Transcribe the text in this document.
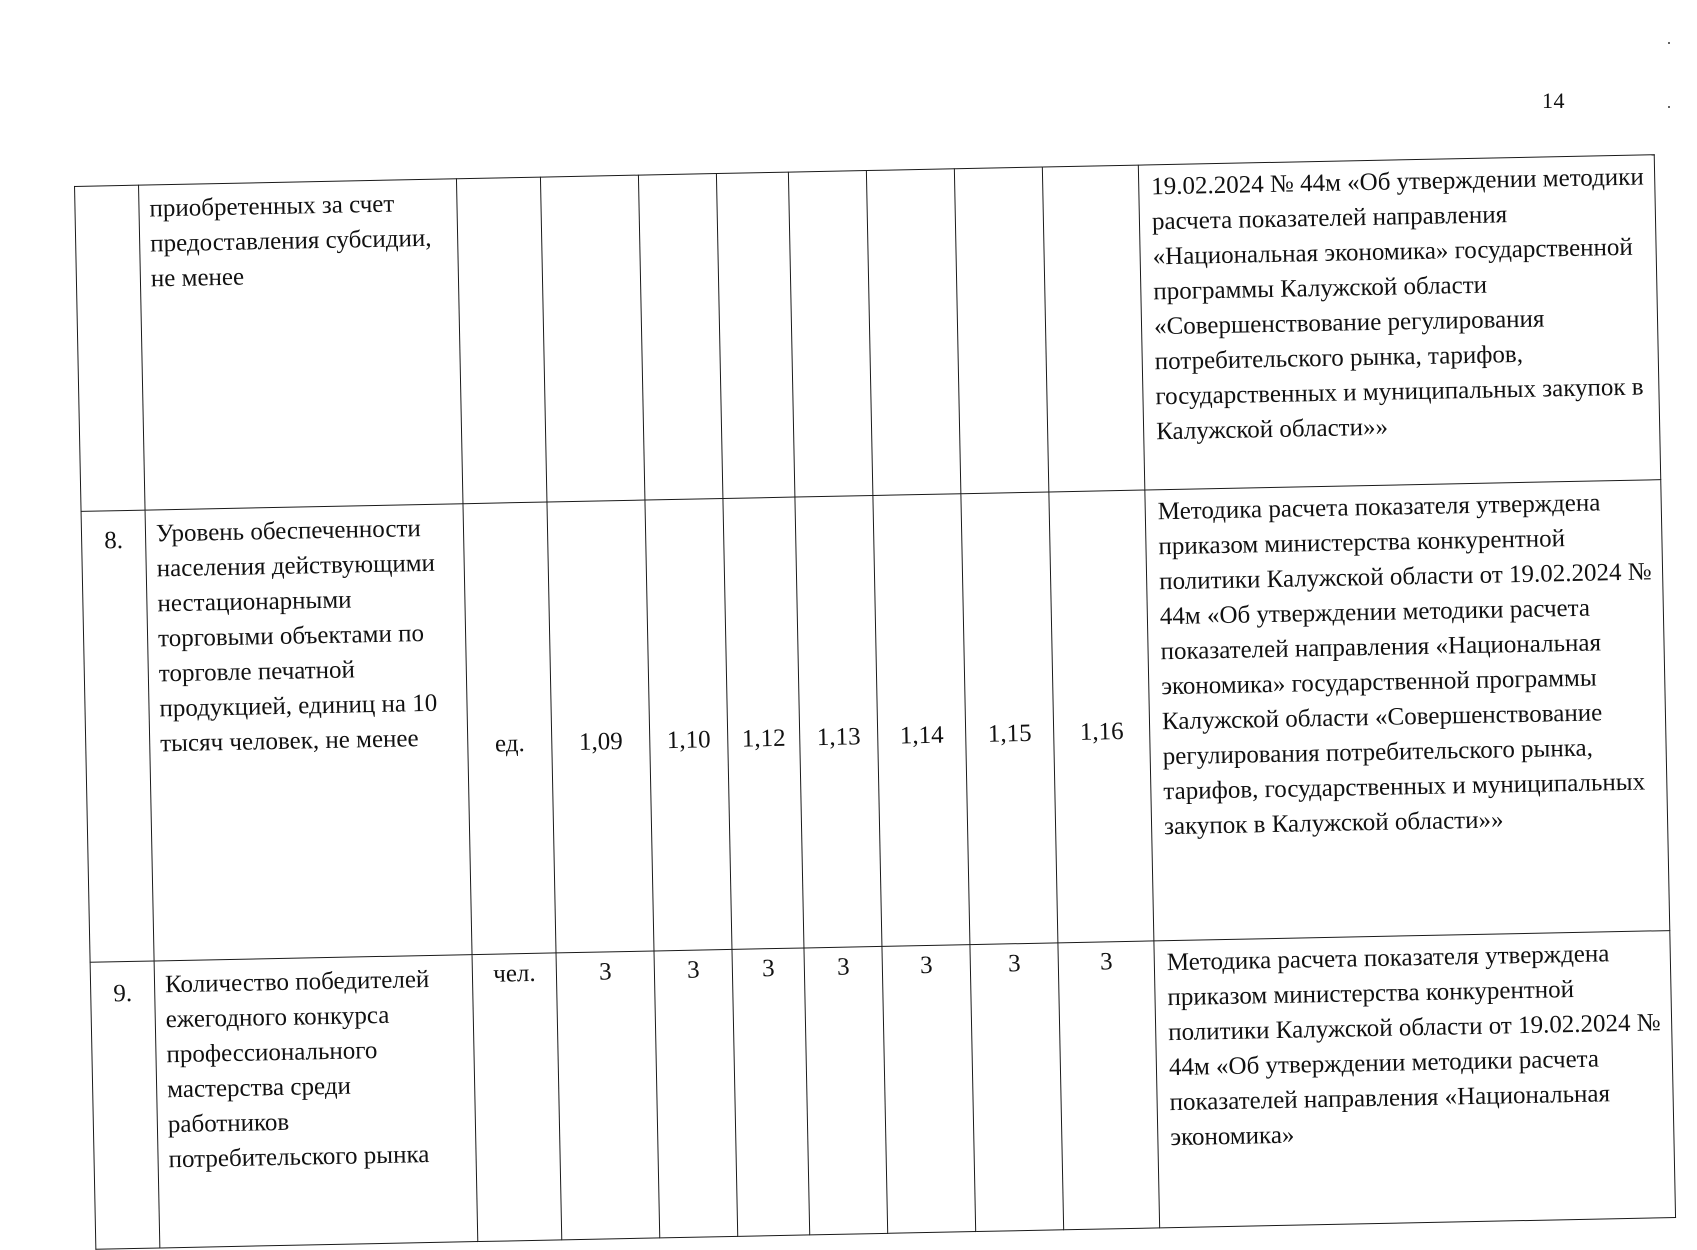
14
	приобретенных за счет предоставления субсидии, не менее									19.02.2024 № 44м «Об утверждении методики расчета показателей направления «Национальная экономика» государственной программы Калужской области «Совершенствование регулирования потребительского рынка, тарифов, государственных и муниципальных закупок в Калужской области»»
8.	Уровень обеспеченности населения действующими нестационарными торговыми объектами по торговле печатной продукцией, единиц на 10 тысяч человек, не менее	ед.	1,09	1,10	1,12	1,13	1,14	1,15	1,16	Методика расчета показателя утверждена приказом министерства конкурентной политики Калужской области от 19.02.2024 № 44м «Об утверждении методики расчета показателей направления «Национальная экономика» государственной программы Калужской области «Совершенствование регулирования потребительского рынка, тарифов, государственных и муниципальных закупок в Калужской области»»
9.	Количество победителей ежегодного конкурса профессионального мастерства среди работников потребительского рынка	чел.	3	3	3	3	3	3	3	Методика расчета показателя утверждена приказом министерства конкурентной политики Калужской области от 19.02.2024 № 44м «Об утверждении методики расчета показателей направления «Национальная экономика»
